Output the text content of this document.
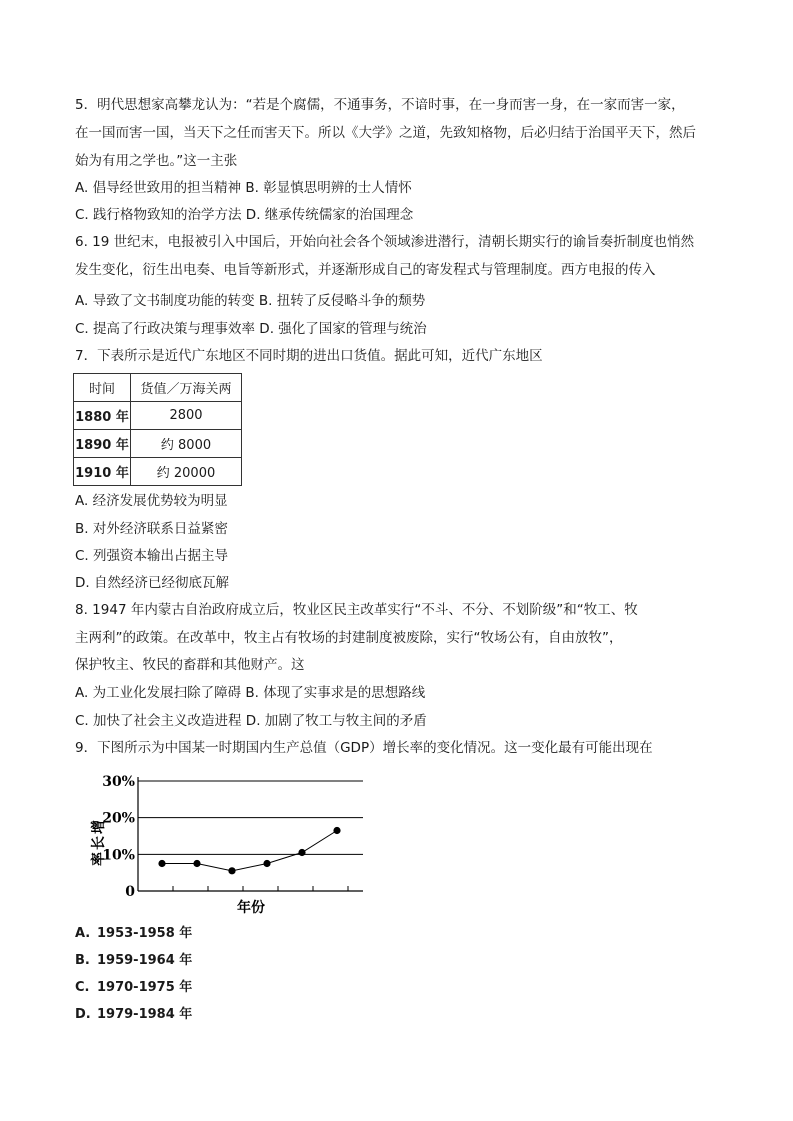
5．明代思想家高攀龙认为：“若是个腐儒，不通事务，不谙时事，在一身而害一身，在一家而害一家，
在一国而害一国，当天下之任而害天下。所以《大学》之道，先致知格物，后必归结于治国平天下，然后
始为有用之学也。”这一主张
A. 倡导经世致用的担当精神 B. 彰显慎思明辨的士人情怀
C. 践行格物致知的治学方法 D. 继承传统儒家的治国理念
6. 19 世纪末，电报被引入中国后，开始向社会各个领域渗进潜行，清朝长期实行的谕旨奏折制度也悄然
发生变化，衍生出电奏、电旨等新形式，并逐渐形成自己的寄发程式与管理制度。西方电报的传入
A. 导致了文书制度功能的转变 B. 扭转了反侵略斗争的颓势
C. 提高了行政决策与理事效率 D. 强化了国家的管理与统治
7．下表所示是近代广东地区不同时期的进出口货值。据此可知，近代广东地区
时间	货值／万海关两
1880 年	2800
1890 年	约 8000
1910 年	约 20000
A. 经济发展优势较为明显
B. 对外经济联系日益紧密
C. 列强资本输出占据主导
D. 自然经济已经彻底瓦解
8. 1947 年内蒙古自治政府成立后，牧业区民主改革实行“不斗、不分、不划阶级”和“牧工、牧
主两利”的政策。在改革中，牧主占有牧场的封建制度被废除，实行“牧场公有，自由放牧”，
保护牧主、牧民的畜群和其他财产。这
A. 为工业化发展扫除了障碍 B. 体现了实事求是的思想路线
C. 加快了社会主义改造进程 D. 加剧了牧工与牧主间的矛盾
9．下图所示为中国某一时期国内生产总值（GDP）增长率的变化情况。这一变化最有可能出现在
0
10%
20%
30%
增
长
率
年份
A. 1953-1958 年
B. 1959-1964 年
C. 1970-1975 年
D. 1979-1984 年
